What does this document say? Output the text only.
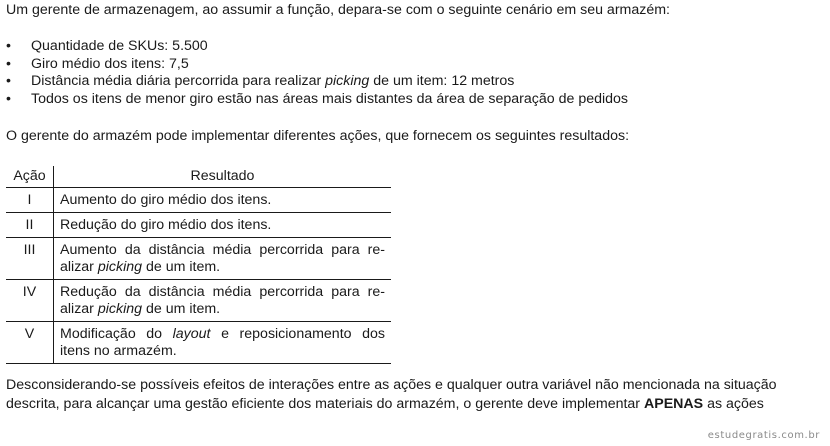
Um gerente de armazenagem, ao assumir a função, depara-se com o seguinte cenário em seu armazém:
• Quantidade de SKUs: 5.500
• Giro médio dos itens: 7,5
• Distância média diária percorrida para realizar picking de um item: 12 metros
• Todos os itens de menor giro estão nas áreas mais distantes da área de separação de pedidos
O gerente do armazém pode implementar diferentes ações, que fornecem os seguintes resultados:
Ação	Resultado
I	Aumento do giro médio dos itens.
II	Redução do giro médio dos itens.
III	Aumento da distância média percorrida para re-alizar picking de um item.
IV	Redução da distância média percorrida para re-alizar picking de um item.
V	Modificação do layout e reposicionamento dos itens no armazém.
Desconsiderando-se possíveis efeitos de interações entre as ações e qualquer outra variável não mencionada na situação
descrita, para alcançar uma gestão eficiente dos materiais do armazém, o gerente deve implementar APENAS as ações
estudegratis.com.br
